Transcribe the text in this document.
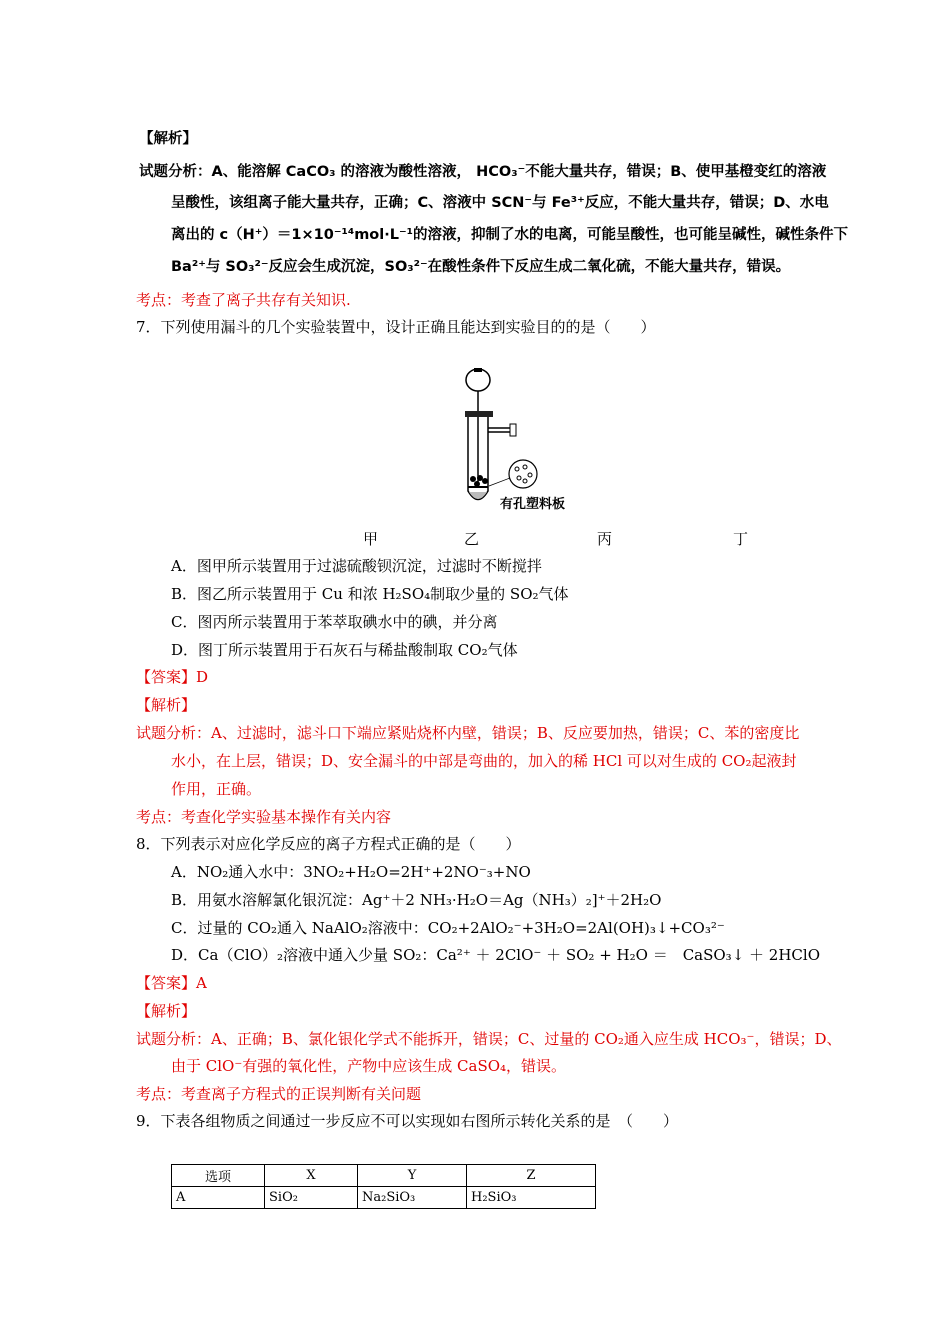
【解析】
试题分析：A、能溶解 CaCO₃ 的溶液为酸性溶液， HCO₃⁻不能大量共存，错误；B、使甲基橙变红的溶液
呈酸性，该组离子能大量共存，正确；C、溶液中 SCN⁻与 Fe³⁺反应，不能大量共存，错误；D、水电
离出的 c（H⁺）＝1×10⁻¹⁴mol·L⁻¹的溶液，抑制了水的电离，可能呈酸性，也可能呈碱性，碱性条件下
Ba²⁺与 SO₃²⁻反应会生成沉淀，SO₃²⁻在酸性条件下反应生成二氧化硫，不能大量共存，错误。
考点：考查了离子共存有关知识.
7．下列使用漏斗的几个实验装置中，设计正确且能达到实验目的的是（　　）
有孔塑料板
甲	乙	丙	丁
A．图甲所示装置用于过滤硫酸钡沉淀，过滤时不断搅拌
B．图乙所示装置用于 Cu 和浓 H₂SO₄制取少量的 SO₂气体
C．图丙所示装置用于苯萃取碘水中的碘，并分离
D．图丁所示装置用于石灰石与稀盐酸制取 CO₂气体
【答案】D
【解析】
试题分析：A、过滤时，滤斗口下端应紧贴烧杯内壁，错误；B、反应要加热，错误；C、苯的密度比
水小，在上层，错误；D、安全漏斗的中部是弯曲的，加入的稀 HCl 可以对生成的 CO₂起液封
作用，正确。
考点：考查化学实验基本操作有关内容
8．下列表示对应化学反应的离子方程式正确的是（　　）
A．NO₂通入水中：3NO₂+H₂O=2H⁺+2NO⁻₃+NO
B．用氨水溶解氯化银沉淀：Ag⁺＋2 NH₃·H₂O＝Ag（NH₃）₂]⁺＋2H₂O
C．过量的 CO₂通入 NaAlO₂溶液中：CO₂+2AlO₂⁻+3H₂O=2Al(OH)₃↓+CO₃²⁻
D．Ca（ClO）₂溶液中通入少量 SO₂：Ca²⁺ ＋ 2ClO⁻ ＋ SO₂ + H₂O ＝　CaSO₃↓ ＋ 2HClO
【答案】A
【解析】
试题分析：A、正确；B、氯化银化学式不能拆开，错误；C、过量的 CO₂通入应生成 HCO₃⁻，错误；D、
由于 ClO⁻有强的氧化性，产物中应该生成 CaSO₄，错误。
考点：考查离子方程式的正误判断有关问题
9．下表各组物质之间通过一步反应不可以实现如右图所示转化关系的是　（　　）
选项	X	Y	Z
A	SiO₂	Na₂SiO₃	H₂SiO₃
